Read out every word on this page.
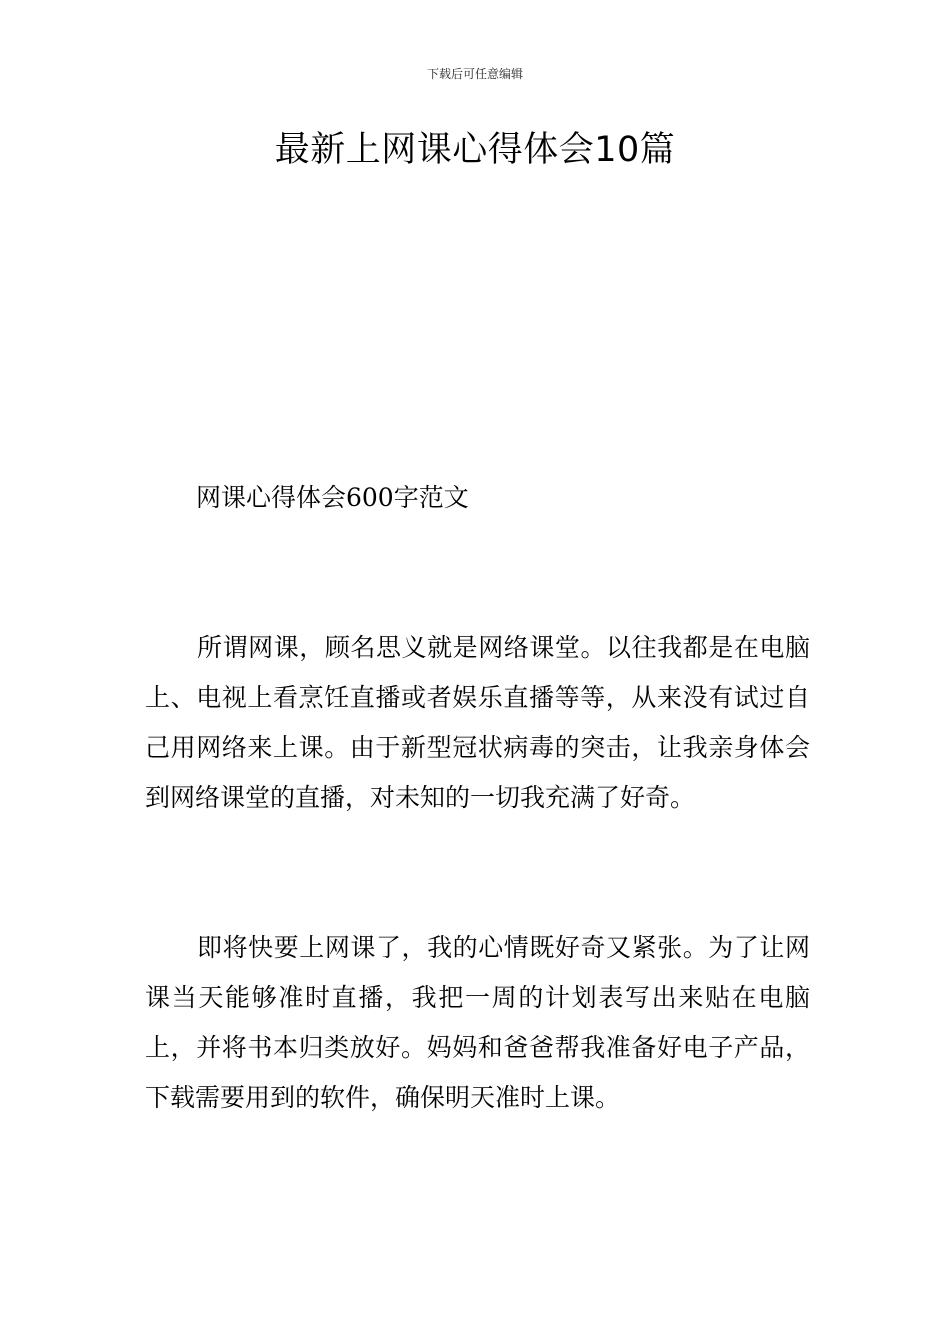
下载后可任意编辑
最新上网课心得体会10篇

网课心得体会600字范文

所谓网课，顾名思义就是网络课堂。以往我都是在电脑上、电视上看烹饪直播或者娱乐直播等等，从来没有试过自己用网络来上课。由于新型冠状病毒的突击，让我亲身体会到网络课堂的直播，对未知的一切我充满了好奇。

即将快要上网课了，我的心情既好奇又紧张。为了让网课当天能够准时直播，我把一周的计划表写出来贴在电脑上，并将书本归类放好。妈妈和爸爸帮我准备好电子产品，下载需要用到的软件，确保明天准时上课。
